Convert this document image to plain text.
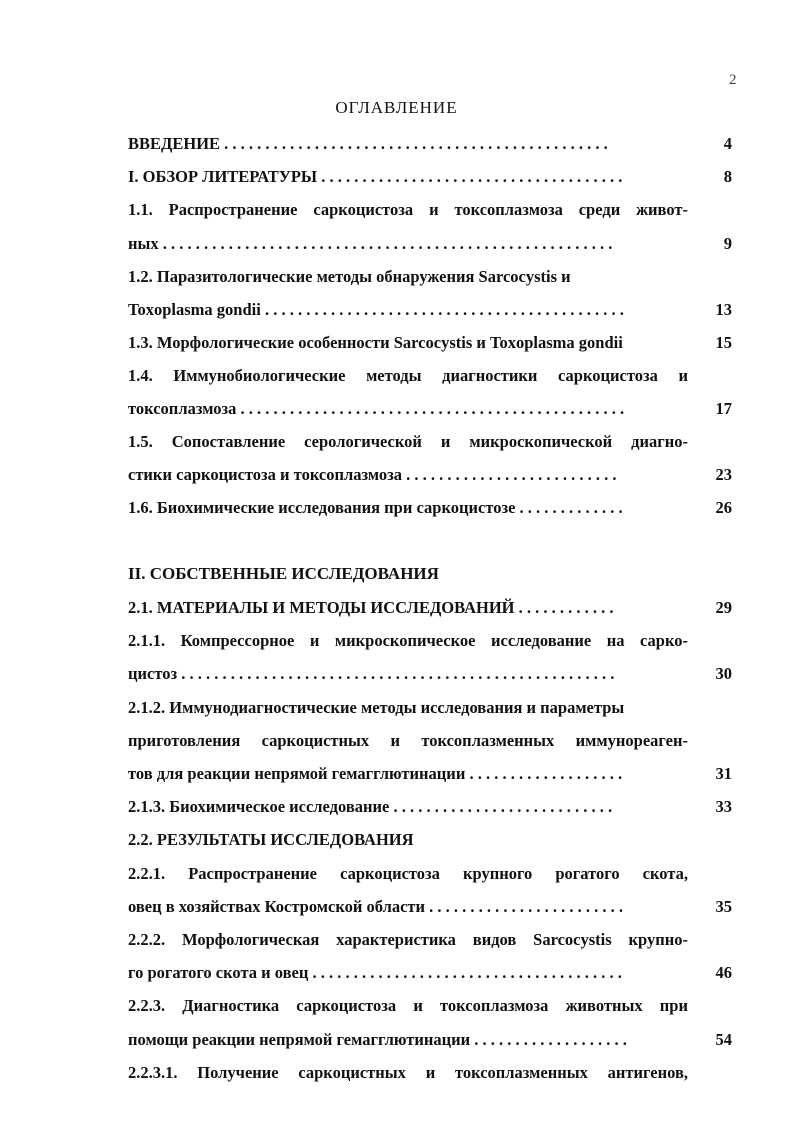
2
ОГЛАВЛЕНИЕ
ВВЕДЕНИЕ . . . . . . . . . . . . . . . . . . . . . . . . . . . . . . . . . . . . . . . . . . . . . . .	4
I. ОБЗОР ЛИТЕРАТУРЫ . . . . . . . . . . . . . . . . . . . . . . . . . . . . . . . . . . . . .	8
1.1. Распространение саркоцистоза и токсоплазмоза среди живот-
ных . . . . . . . . . . . . . . . . . . . . . . . . . . . . . . . . . . . . . . . . . . . . . . . . . . . . . . .	9
1.2. Паразитологические методы обнаружения Sarcocystis и
Toxoplasma gondii . . . . . . . . . . . . . . . . . . . . . . . . . . . . . . . . . . . . . . . . . . . .	13
1.3. Морфологические особенности Sarcocystis и Toxoplasma gondii	15
1.4. Иммунобиологические методы диагностики саркоцистоза и
токсоплазмоза . . . . . . . . . . . . . . . . . . . . . . . . . . . . . . . . . . . . . . . . . . . . . . .	17
1.5. Сопоставление серологической и микроскопической диагно-
стики саркоцистоза и токсоплазмоза . . . . . . . . . . . . . . . . . . . . . . . . . .	23
1.6. Биохимические исследования при саркоцистозе . . . . . . . . . . . . .	26
II. СОБСТВЕННЫЕ ИССЛЕДОВАНИЯ
2.1. МАТЕРИАЛЫ И МЕТОДЫ ИССЛЕДОВАНИЙ . . . . . . . . . . . .	29
2.1.1. Компрессорное и микроскопическое исследование на сарко-
цистоз . . . . . . . . . . . . . . . . . . . . . . . . . . . . . . . . . . . . . . . . . . . . . . . . . . . . .	30
2.1.2. Иммунодиагностические методы исследования и параметры
приготовления саркоцистных и токсоплазменных иммунореаген-
тов для реакции непрямой гемагглютинации . . . . . . . . . . . . . . . . . . .	31
2.1.3. Биохимическое исследование . . . . . . . . . . . . . . . . . . . . . . . . . . .	33
2.2. РЕЗУЛЬТАТЫ ИССЛЕДОВАНИЯ
2.2.1. Распространение саркоцистоза крупного рогатого скота,
овец в хозяйствах Костромской области . . . . . . . . . . . . . . . . . . . . . . . .	35
2.2.2. Морфологическая характеристика видов Sarcocystis крупно-
го рогатого скота и овец . . . . . . . . . . . . . . . . . . . . . . . . . . . . . . . . . . . . . .	46
2.2.3. Диагностика саркоцистоза и токсоплазмоза животных при
помощи реакции непрямой гемагглютинации . . . . . . . . . . . . . . . . . . .	54
2.2.3.1. Получение саркоцистных и токсоплазменных антигенов,
